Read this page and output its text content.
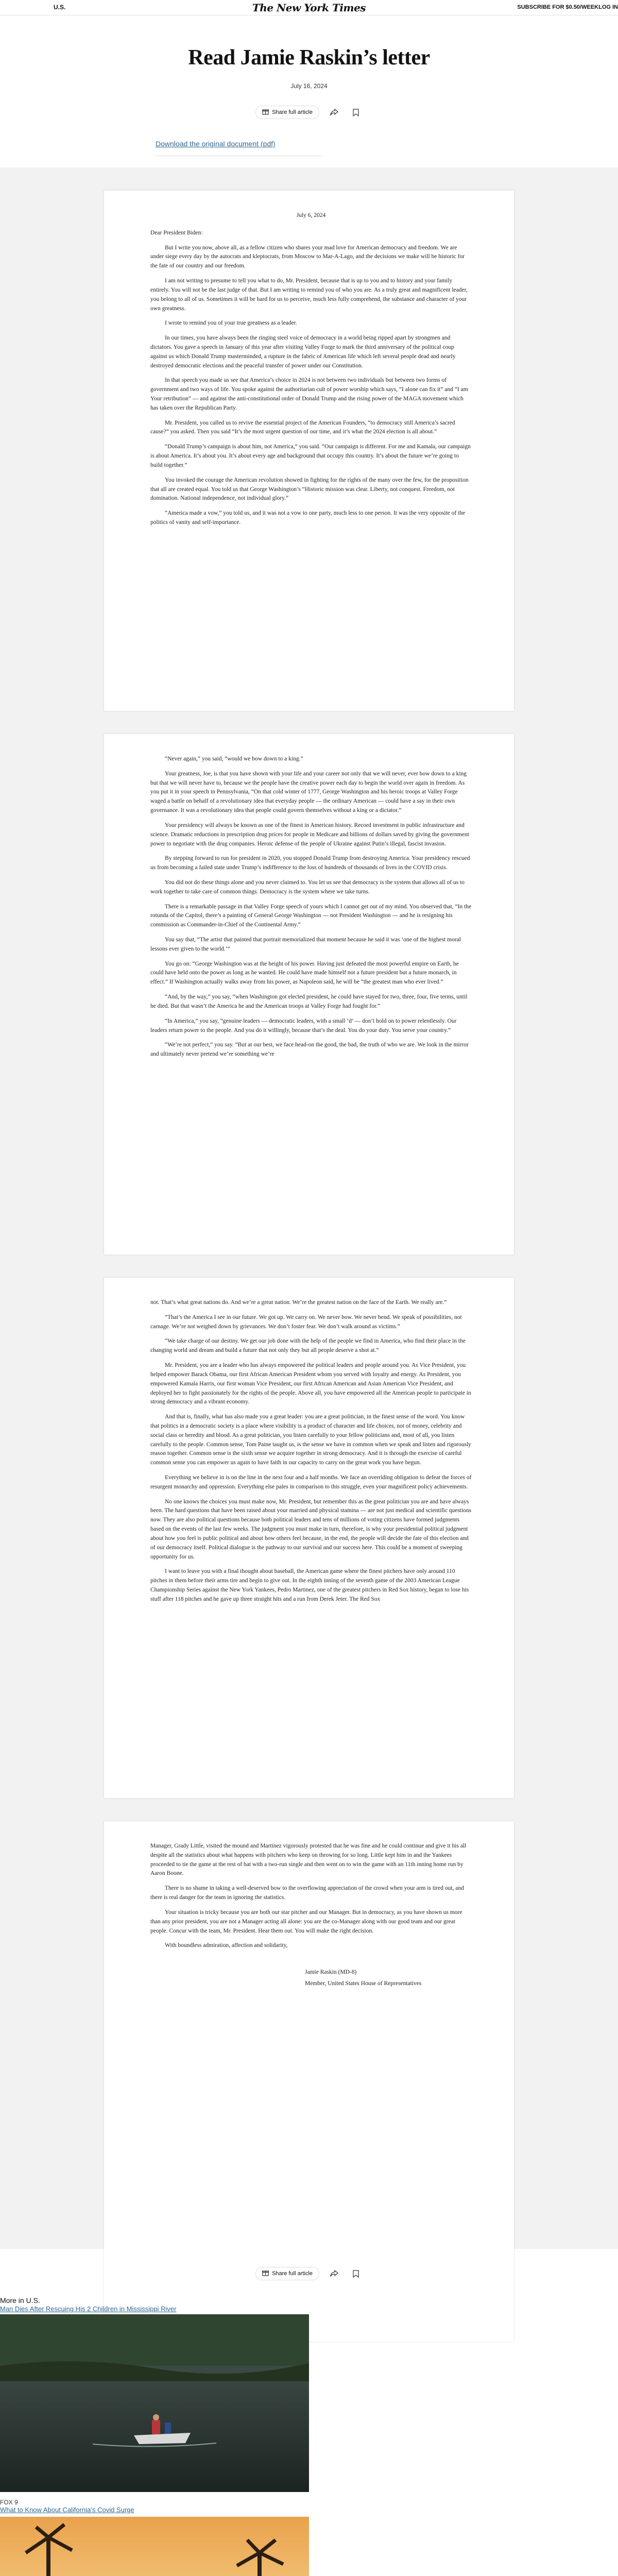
U.S.	The New York Times	SUBSCRIBE FOR $0.50/WEEKLOG IN
Read Jamie Raskin’s letter
July 16, 2024
Share full article
Download the original document (pdf)

July 6, 2024

Dear President Biden:

But I write you now, above all, as a fellow citizen who shares your mad love for American democracy and freedom. We are under siege every day by the autocrats and kleptocrats, from Moscow to Mar-A-Lago, and the decisions we make will be historic for the fate of our country and our freedom.

I am not writing to presume to tell you what to do, Mr. President, because that is up to you and to history and your family entirely. You will not be the last judge of that. But I am writing to remind you of who you are. As a truly great and magnificent leader, you belong to all of us. Sometimes it will be hard for us to perceive, much less fully comprehend, the substance and character of your own greatness.

I wrote to remind you of your true greatness as a leader.

In our times, you have always been the ringing steel voice of democracy in a world being ripped apart by strongmen and dictators. You gave a speech in January of this year after visiting Valley Forge to mark the third anniversary of the political coup against us which Donald Trump masterminded, a rupture in the fabric of American life which left several people dead and nearly destroyed democratic elections and the peaceful transfer of power under our Constitution.

In that speech you made us see that America’s choice in 2024 is not between two individuals but between two forms of government and two ways of life. You spoke against the authoritarian cult of power worship which says, “I alone can fix it” and “I am Your retribution” — and against the anti-constitutional order of Donald Trump and the rising power of the MAGA movement which has taken over the Republican Party.

Mr. President, you called us to revive the essential project of the American Founders, “to democracy still America’s sacred cause?” you asked. Then you said “It’s the most urgent question of our time, and it’s what the 2024 election is all about.”

“Donald Trump’s campaign is about him, not America,” you said. “Our campaign is different. For me and Kamala, our campaign is about America. It’s about you. It’s about every age and background that occupy this country. It’s about the future we’re going to build together.”

You invoked the courage the American revolution showed in fighting for the rights of the many over the few, for the proposition that all are created equal. You told us that George Washington’s “Historic mission was clear. Liberty, not conquest. Freedom, not domination. National independence, not individual glory.”

“America made a vow,” you told us, and it was not a vow to one party, much less to one person. It was the very opposite of the politics of vanity and self-importance.

“Never again,” you said, “would we bow down to a king.”

Your greatness, Joe, is that you have shown with your life and your career not only that we will never, ever bow down to a king but that we will never have to, because we the people have the creative power each day to begin the world over again in freedom. As you put it in your speech in Pennsylvania, “On that cold winter of 1777, George Washington and his heroic troops at Valley Forge waged a battle on behalf of a revolutionary idea that everyday people — the ordinary American — could have a say in their own governance. It was a revolutionary idea that people could govern themselves without a king or a dictator.”

Your presidency will always be known as one of the finest in American history. Record investment in public infrastructure and science. Dramatic reductions in prescription drug prices for people in Medicare and billions of dollars saved by giving the government power to negotiate with the drug companies. Heroic defense of the people of Ukraine against Putin’s illegal, fascist invasion.

By stepping forward to run for president in 2020, you stopped Donald Trump from destroying America. Your presidency rescued us from becoming a failed state under Trump’s indifference to the loss of hundreds of thousands of lives in the COVID crisis.

You did not do these things alone and you never claimed to. You let us see that democracy is the system that allows all of us to work together to take care of common things. Democracy is the system where we take turns.

There is a remarkable passage in that Valley Forge speech of yours which I cannot get out of my mind. You observed that, “In the rotunda of the Capitol, there’s a painting of General George Washington — not President Washington — and he is resigning his commission as Commander-in-Chief of the Continental Army.”

You say that, “The artist that painted that portrait memorialized that moment because he said it was ‘one of the highest moral lessons ever given to the world.’”

You go on: “George Washington was at the height of his power. Having just defeated the most powerful empire on Earth, he could have held onto the power as long as he wanted. He could have made himself not a future president but a future monarch, in effect.” If Washington actually walks away from his power, as Napoleon said, he will be “the greatest man who ever lived.”

“And, by the way,” you say, “when Washington got elected president, he could have stayed for two, three, four, five terms, until he died. But that wasn’t the America he and the American troops at Valley Forge had fought for.”

“In America,” you say, “genuine leaders — democratic leaders, with a small ‘d’ — don’t hold on to power relentlessly. Our leaders return power to the people. And you do it willingly, because that’s the deal. You do your duty. You serve your country.”

“We’re not perfect,” you say. “But at our best, we face head-on the good, the bad, the truth of who we are. We look in the mirror and ultimately never pretend we’re something we’re

not. That’s what great nations do. And we’re a great nation. We’re the greatest nation on the face of the Earth. We really are.”

“That’s the America I see in our future. We got up. We carry on. We never bow. We never bend. We speak of possibilities, not carnage. We’re not weighed down by grievances. We don’t foster fear. We don’t walk around as victims.”

“We take charge of our destiny. We get our job done with the help of the people we find in America, who find their place in the changing world and dream and build a future that not only they but all people deserve a shot at.”

Mr. President, you are a leader who has always empowered the political leaders and people around you. As Vice President, you helped empower Barack Obama, our first African American President whom you served with loyalty and energy. As President, you empowered Kamala Harris, our first woman Vice President, our first African American and Asian American Vice President, and deployed her to fight passionately for the rights of the people. Above all, you have empowered all the American people to participate in strong democracy and a vibrant economy.

And that is, finally, what has also made you a great leader: you are a great politician, in the finest sense of the word. You know that politics in a democratic society is a place where visibility is a product of character and life choices, not of money, celebrity and social class or heredity and blood. As a great politician, you listen carefully to your fellow politicians and, most of all, you listen carefully to the people. Common sense, Tom Paine taught us, is the sense we have in common when we speak and listen and rigorously reason together. Common sense is the sixth sense we acquire together in strong democracy. And it is through the exercise of careful common sense you can empower us again to have faith in our capacity to carry on the great work you have begun.

Everything we believe in is on the line in the next four and a half months. We face an overriding obligation to defeat the forces of resurgent monarchy and oppression. Everything else pales in comparison to this struggle, even your magnificent policy achievements.

No one knows the choices you must make now, Mr. President, but remember this as the great politician you are and have always been. The hard questions that have been raised about your married and physical stamina — are not just medical and scientific questions now. They are also political questions because both political leaders and tens of millions of voting citizens have formed judgments based on the events of the last few weeks. The judgment you must make in turn, therefore, is why your presidential political judgment about how you feel is public political and about how others feel because, in the end, the people will decide the fate of this election and of our democracy itself. Political dialogue is the pathway to our survival and our success here. This could be a moment of sweeping opportunity for us.

I want to leave you with a final thought about baseball, the American game where the finest pitchers have only around 110 pitches in them before their arms tire and begin to give out. In the eighth inning of the seventh game of the 2003 American League Championship Series against the New York Yankees, Pedro Martinez, one of the greatest pitchers in Red Sox history, began to lose his stuff after 118 pitches and he gave up three straight hits and a run from Derek Jeter. The Red Sox

Manager, Grady Little, visited the mound and Martinez vigorously protested that he was fine and he could continue and give it his all despite all the statistics about what happens with pitchers who keep on throwing for so long. Little kept him in and the Yankees proceeded to tie the game at the rest of bat with a two-run single and then went on to win the game with an 11th inning home run by Aaron Boone.

There is no shame in taking a well-deserved bow to the overflowing appreciation of the crowd when your arm is tired out, and there is real danger for the team in ignoring the statistics.

Your situation is tricky because you are both our star pitcher and our Manager. But in democracy, as you have shown us more than any prior president, you are not a Manager acting all alone: you are the co-Manager along with our good team and our great people. Concur with the team, Mr. President. Hear them out. You will make the right decision.

With boundless admiration, affection and solidarity,

Jamie Raskin (MD-8)

Member, United States House of Representatives

Share full article
More in U.S.
Man Dies After Rescuing His 2 Children in Mississippi River
FOX 9
What to Know About California’s Covid Surge
